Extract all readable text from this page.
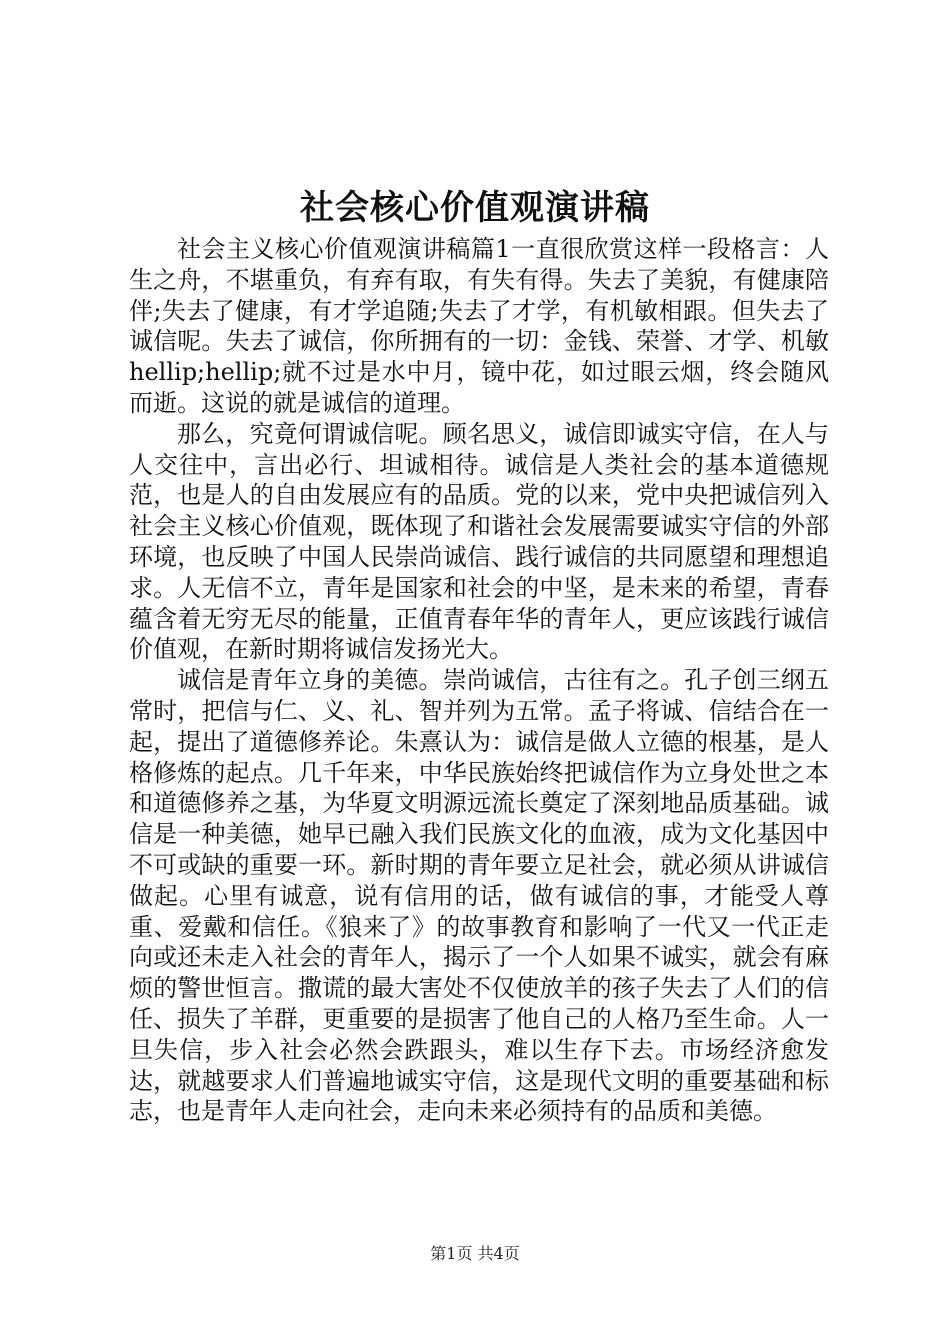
社会核心价值观演讲稿

社会主义核心价值观演讲稿篇1一直很欣赏这样一段格言：人生之舟，不堪重负，有弃有取，有失有得。失去了美貌，有健康陪伴;失去了健康，有才学追随;失去了才学，有机敏相跟。但失去了诚信呢。失去了诚信，你所拥有的一切：金钱、荣誉、才学、机敏hellip;hellip;就不过是水中月，镜中花，如过眼云烟，终会随风而逝。这说的就是诚信的道理。

那么，究竟何谓诚信呢。顾名思义，诚信即诚实守信，在人与人交往中，言出必行、坦诚相待。诚信是人类社会的基本道德规范，也是人的自由发展应有的品质。党的以来，党中央把诚信列入社会主义核心价值观，既体现了和谐社会发展需要诚实守信的外部环境，也反映了中国人民崇尚诚信、践行诚信的共同愿望和理想追求。人无信不立，青年是国家和社会的中坚，是未来的希望，青春蕴含着无穷无尽的能量，正值青春年华的青年人，更应该践行诚信价值观，在新时期将诚信发扬光大。

诚信是青年立身的美德。崇尚诚信，古往有之。孔子创三纲五常时，把信与仁、义、礼、智并列为五常。孟子将诚、信结合在一起，提出了道德修养论。朱熹认为：诚信是做人立德的根基，是人格修炼的起点。几千年来，中华民族始终把诚信作为立身处世之本和道德修养之基，为华夏文明源远流长奠定了深刻地品质基础。诚信是一种美德，她早已融入我们民族文化的血液，成为文化基因中不可或缺的重要一环。新时期的青年要立足社会，就必须从讲诚信做起。心里有诚意，说有信用的话，做有诚信的事，才能受人尊重、爱戴和信任。《狼来了》的故事教育和影响了一代又一代正走向或还未走入社会的青年人，揭示了一个人如果不诚实，就会有麻烦的警世恒言。撒谎的最大害处不仅使放羊的孩子失去了人们的信任、损失了羊群，更重要的是损害了他自己的人格乃至生命。人一旦失信，步入社会必然会跌跟头，难以生存下去。市场经济愈发达，就越要求人们普遍地诚实守信，这是现代文明的重要基础和标志，也是青年人走向社会，走向未来必须持有的品质和美德。

第1页 共4页
